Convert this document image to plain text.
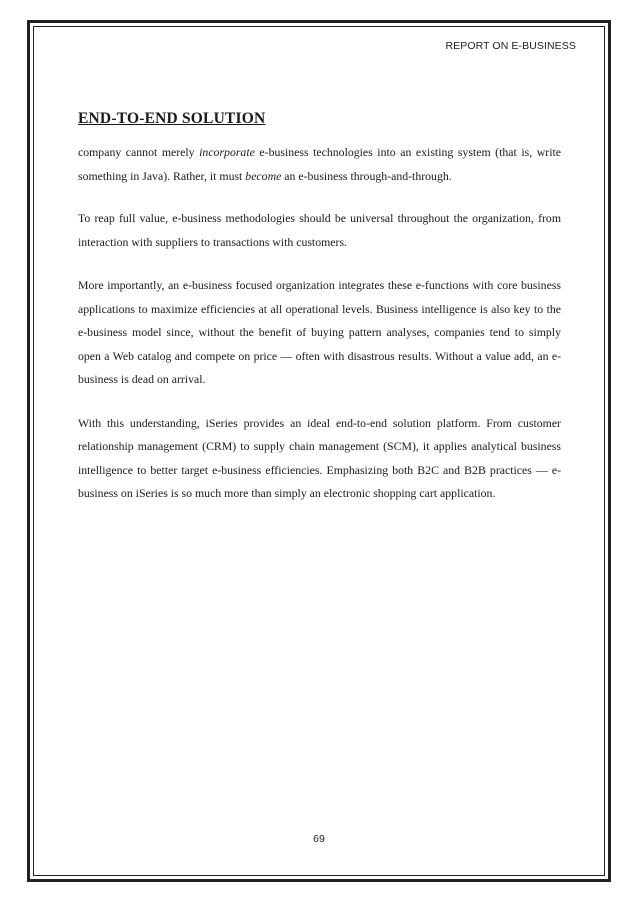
REPORT ON E-BUSINESS
END-TO-END SOLUTION

company cannot merely incorporate e-business technologies into an existing system (that is, write something in Java). Rather, it must become an e-business through-and-through.

To reap full value, e-business methodologies should be universal throughout the organization, from interaction with suppliers to transactions with customers.

More importantly, an e-business focused organization integrates these e-functions with core business applications to maximize efficiencies at all operational levels. Business intelligence is also key to the e-business model since, without the benefit of buying pattern analyses, companies tend to simply open a Web catalog and compete on price — often with disastrous results. Without a value add, an e-business is dead on arrival.

With this understanding, iSeries provides an ideal end-to-end solution platform. From customer relationship management (CRM) to supply chain management (SCM), it applies analytical business intelligence to better target e-business efficiencies. Emphasizing both B2C and B2B practices — e-business on iSeries is so much more than simply an electronic shopping cart application.

69
